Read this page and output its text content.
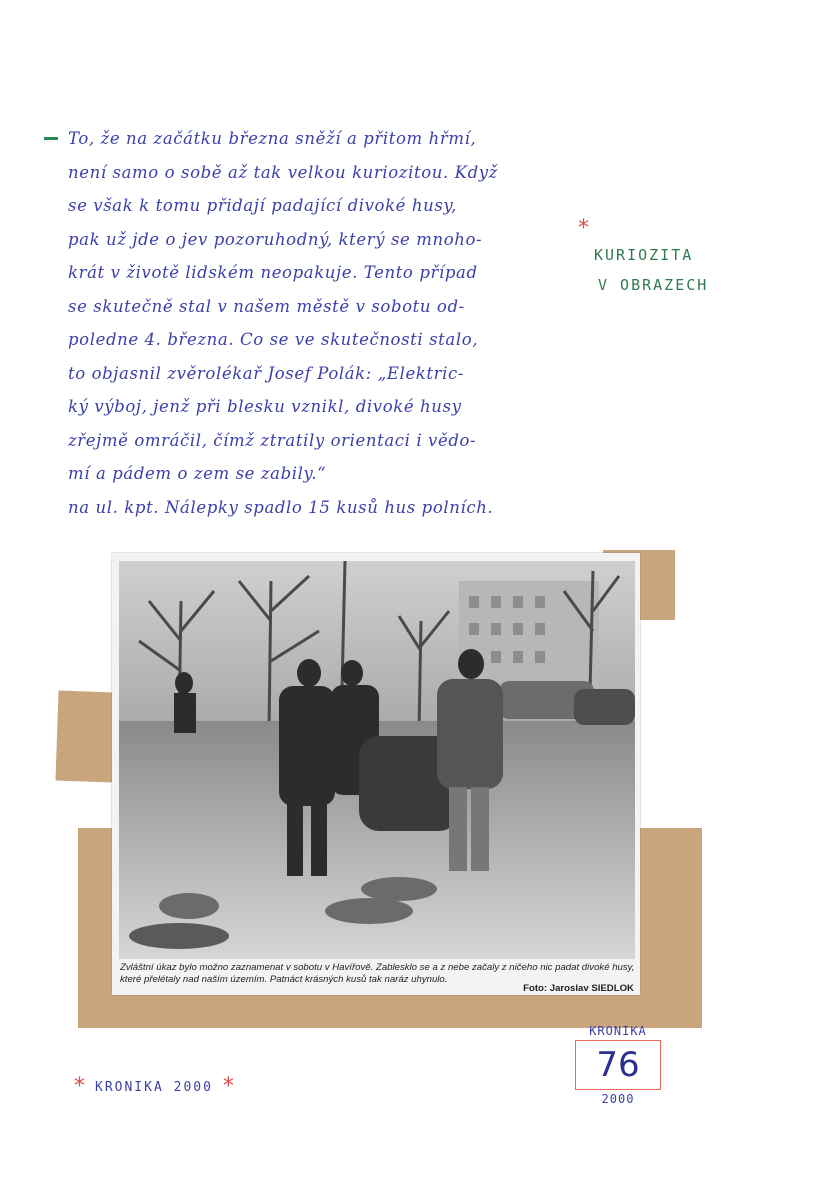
To, že na začátku března sněží a přitom hřmí,
není samo o sobě až tak velkou kuriozitou. Když
se však k tomu přidají padající divoké husy,
pak už jde o jev pozoruhodný, který se mnoho-
krát v životě lidském neopakuje. Tento případ
se skutečně stal v našem městě v sobotu od-
poledne 4. března. Co se ve skutečnosti stalo,
to objasnil zvěrolékař Josef Polák: „Elektric-
ký výboj, jenž při blesku vznikl, divoké husy
zřejmě omráčil, čímž ztratily orientaci i vědo-
mí a pádem o zem se zabily.“
na ul. kpt. Nálepky spadlo 15 kusů hus polních.
*
KURIOZITA
V OBRAZECH
Zvláštní úkaz bylo možno zaznamenat v sobotu v Havířově. Zablesklo se a z nebe začaly z ničeho nic padat divoké husy, které přelétaly nad naším územím. Patnáct krásných kusů tak naráz uhynulo.
Foto: Jaroslav SIEDLOK
* KRONIKA 2000 *
KRONIKA
76
2000
